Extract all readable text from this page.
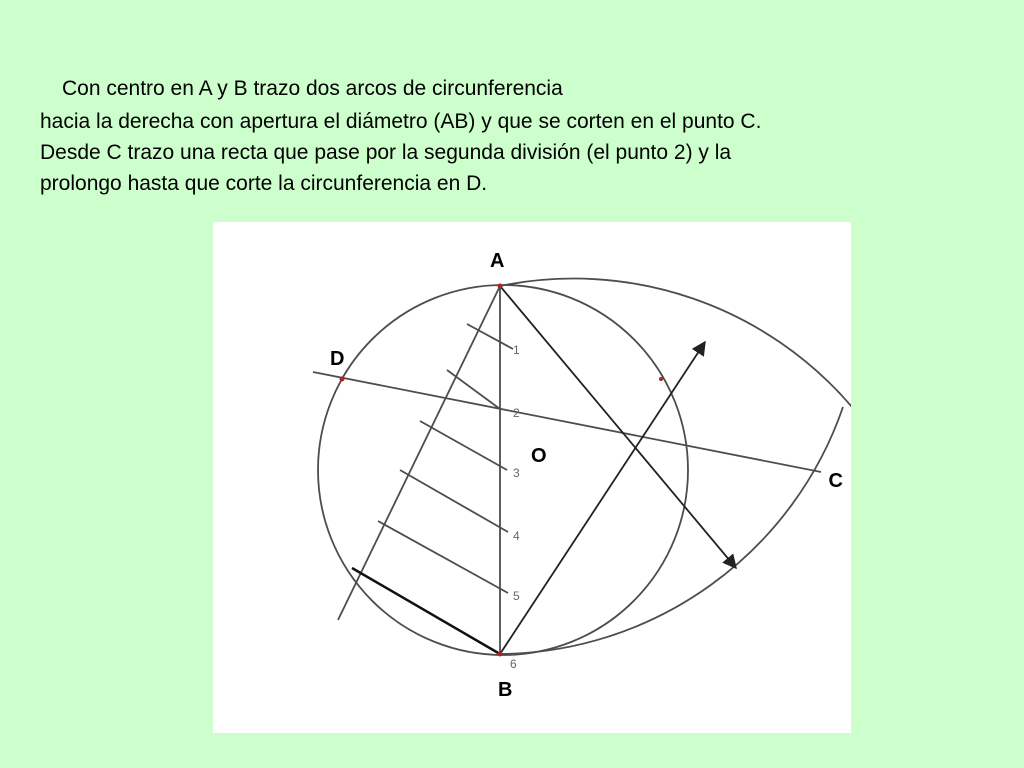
Con centro en A y B trazo dos arcos de circunferencia
hacia la derecha con apertura el diámetro (AB) y que se corten en el punto C.
Desde C trazo una recta que pase por la segunda división (el punto 2) y la
prolongo hasta que corte la circunferencia en D.
A
D
O
C
B
1
2
3
4
5
6
